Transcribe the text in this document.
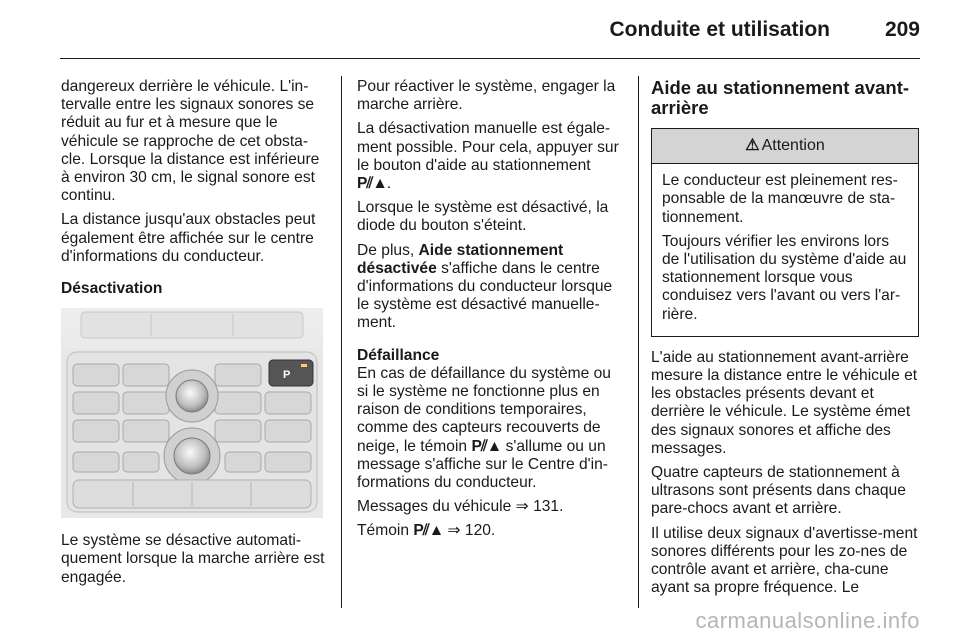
Conduite et utilisation	209

dangereux derrière le véhicule. L'in-tervalle entre les signaux sonores se réduit au fur et à mesure que le véhicule se rapproche de cet obsta-cle. Lorsque la distance est inférieure à environ 30 cm, le signal sonore est continu.

La distance jusqu'aux obstacles peut également être affichée sur le centre d'informations du conducteur.

Désactivation
P

Le système se désactive automati-quement lorsque la marche arrière est engagée.

Pour réactiver le système, engager la marche arrière.

La désactivation manuelle est égale-ment possible. Pour cela, appuyer sur le bouton d'aide au stationnement P⫽▲.

Lorsque le système est désactivé, la diode du bouton s'éteint.

De plus, Aide stationnement désactivée s'affiche dans le centre d'informations du conducteur lorsque le système est désactivé manuelle-ment.

Défaillance

En cas de défaillance du système ou si le système ne fonctionne plus en raison de conditions temporaires, comme des capteurs recouverts de neige, le témoin P⫽▲ s'allume ou un message s'affiche sur le Centre d'in-formations du conducteur.

Messages du véhicule ⇒ 131.

Témoin P⫽▲ ⇒ 120.

Aide au stationnement avant-arrière
⚠ Attention

Le conducteur est pleinement res-ponsable de la manœuvre de sta-tionnement.

Toujours vérifier les environs lors de l'utilisation du système d'aide au stationnement lorsque vous conduisez vers l'avant ou vers l'ar-rière.

L'aide au stationnement avant-arrière mesure la distance entre le véhicule et les obstacles présents devant et derrière le véhicule. Le système émet des signaux sonores et affiche des messages.

Quatre capteurs de stationnement à ultrasons sont présents dans chaque pare-chocs avant et arrière.

Il utilise deux signaux d'avertisse-ment sonores différents pour les zo-nes de contrôle avant et arrière, cha-cune ayant sa propre fréquence. Le

carmanualsonline.info
